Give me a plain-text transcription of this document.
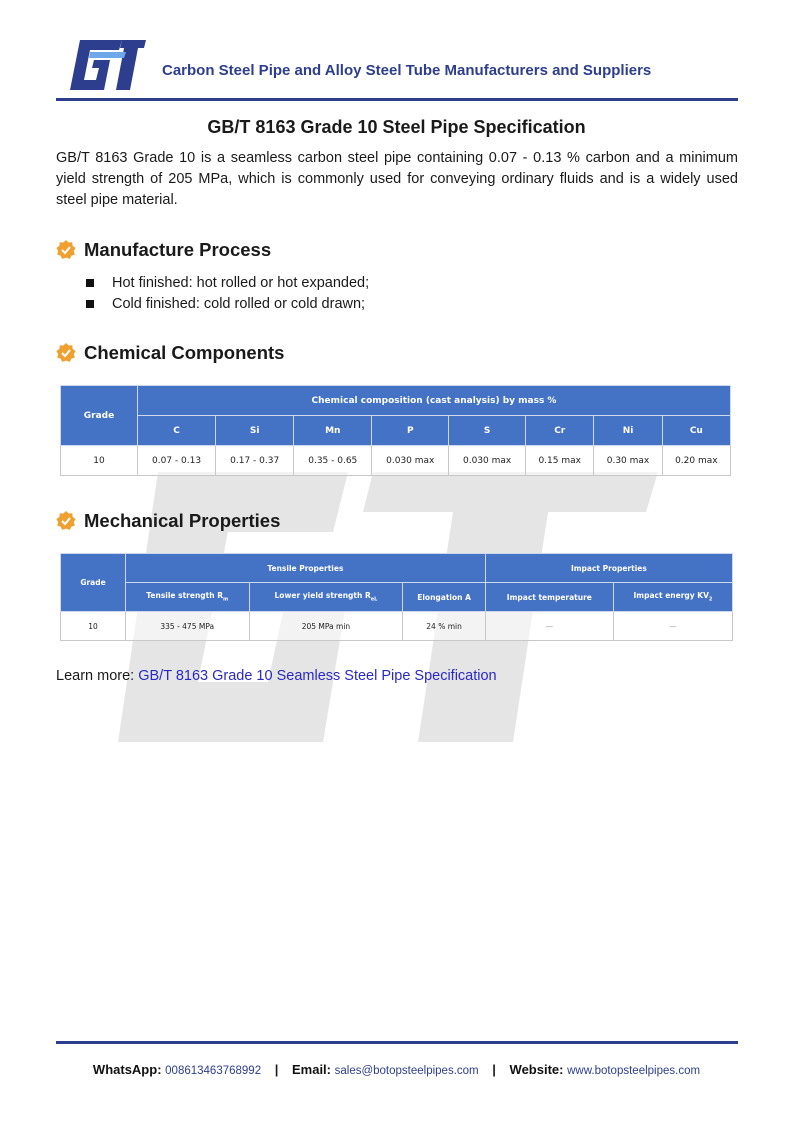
Carbon Steel Pipe and Alloy Steel Tube Manufacturers and Suppliers
GB/T 8163 Grade 10 Steel Pipe Specification
GB/T 8163 Grade 10 is a seamless carbon steel pipe containing 0.07 - 0.13 % carbon and a minimum yield strength of 205 MPa, which is commonly used for conveying ordinary fluids and is a widely used steel pipe material.
Manufacture Process
Hot finished: hot rolled or hot expanded;
Cold finished: cold rolled or cold drawn;
Chemical Components
Grade	Chemical composition (cast analysis) by mass %							
	C	Si	Mn	P	S	Cr	Ni	Cu
10	0.07 - 0.13	0.17 - 0.37	0.35 - 0.65	0.030 max	0.030 max	0.15 max	0.30 max	0.20 max
Mechanical Properties
Grade	Tensile Properties			Impact Properties	
	Tensile strength $R_m$	Lower yield strength $R_{eL}$	Elongation A	Impact temperature	Impact energy $KV_2$
10	335 - 475 MPa	205 MPa min	24 % min	—	—
Learn more: GB/T 8163 Grade 10 Seamless Steel Pipe Specification
WhatsApp: 008613463768992 | Email: sales@botopsteelpipes.com | Website: www.botopsteelpipes.com
